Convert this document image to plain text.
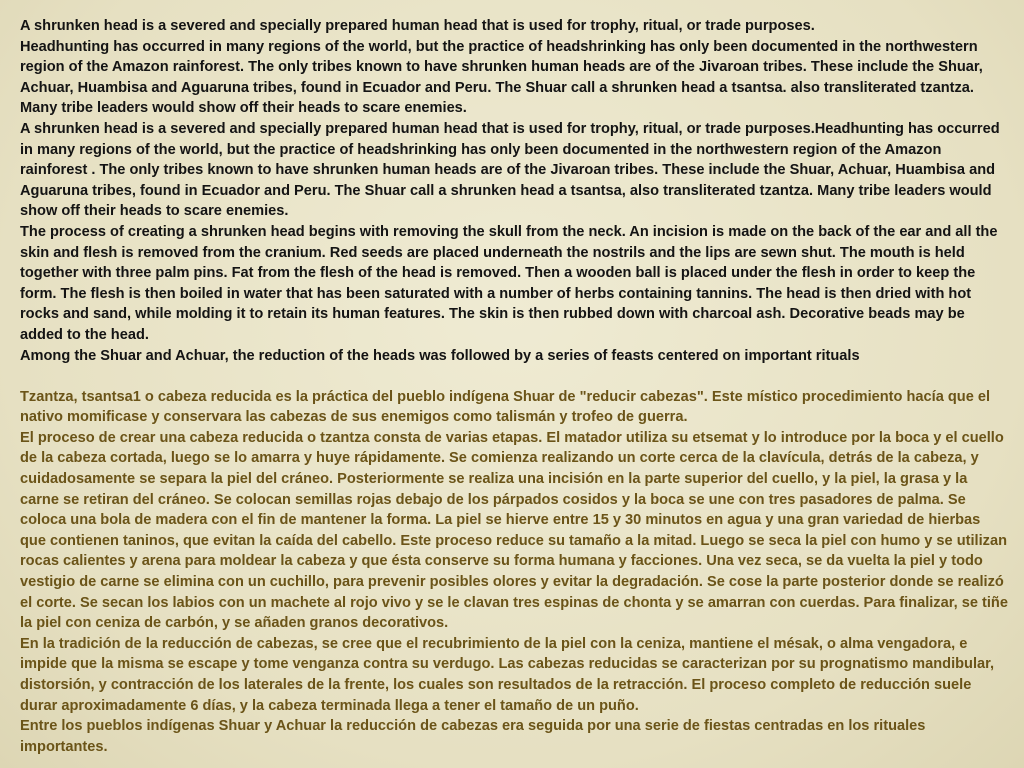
A shrunken head is a severed and specially prepared human head that is used for trophy, ritual, or trade purposes.

Headhunting has occurred in many regions of the world, but the practice of headshrinking has only been documented in the northwestern region of the Amazon rainforest. The only tribes known to have shrunken human heads are of the Jivaroan tribes. These include the Shuar, Achuar, Huambisa and Aguaruna tribes, found in Ecuador and Peru. The Shuar call a shrunken head a tsantsa. also transliterated tzantza. Many tribe leaders would show off their heads to scare enemies.

A shrunken head is a severed and specially prepared human head that is used for trophy, ritual, or trade purposes.Headhunting has occurred in many regions of the world, but the practice of headshrinking has only been documented in the northwestern region of the Amazon rainforest . The only tribes known to have shrunken human heads are of the Jivaroan tribes. These include the Shuar, Achuar, Huambisa and Aguaruna tribes, found in Ecuador and Peru. The Shuar call a shrunken head a tsantsa, also transliterated tzantza. Many tribe leaders would show off their heads to scare enemies.

The process of creating a shrunken head begins with removing the skull from the neck. An incision is made on the back of the ear and all the skin and flesh is removed from the cranium. Red seeds are placed underneath the nostrils and the lips are sewn shut. The mouth is held together with three palm pins. Fat from the flesh of the head is removed. Then a wooden ball is placed under the flesh in order to keep the form. The flesh is then boiled in water that has been saturated with a number of herbs containing tannins. The head is then dried with hot rocks and sand, while molding it to retain its human features. The skin is then rubbed down with charcoal ash. Decorative beads may be added to the head.

Among the Shuar and Achuar, the reduction of the heads was followed by a series of feasts centered on important rituals

Tzantza, tsantsa1 o cabeza reducida es la práctica del pueblo indígena Shuar de "reducir cabezas". Este místico procedimiento hacía que el nativo momificase y conservara las cabezas de sus enemigos como talismán y trofeo de guerra.

El proceso de crear una cabeza reducida o tzantza consta de varias etapas. El matador utiliza su etsemat y lo introduce por la boca y el cuello de la cabeza cortada, luego se lo amarra y huye rápidamente. Se comienza realizando un corte cerca de la clavícula, detrás de la cabeza, y cuidadosamente se separa la piel del cráneo. Posteriormente se realiza una incisión en la parte superior del cuello, y la piel, la grasa y la carne se retiran del cráneo. Se colocan semillas rojas debajo de los párpados cosidos y la boca se une con tres pasadores de palma. Se coloca una bola de madera con el fin de mantener la forma. La piel se hierve entre 15 y 30 minutos en agua y una gran variedad de hierbas que contienen taninos, que evitan la caída del cabello. Este proceso reduce su tamaño a la mitad. Luego se seca la piel con humo y se utilizan rocas calientes y arena para moldear la cabeza y que ésta conserve su forma humana y facciones. Una vez seca, se da vuelta la piel y todo vestigio de carne se elimina con un cuchillo, para prevenir posibles olores y evitar la degradación. Se cose la parte posterior donde se realizó el corte. Se secan los labios con un machete al rojo vivo y se le clavan tres espinas de chonta y se amarran con cuerdas. Para finalizar, se tiñe la piel con ceniza de carbón, y se añaden granos decorativos.

En la tradición de la reducción de cabezas, se cree que el recubrimiento de la piel con la ceniza, mantiene el mésak, o alma vengadora, e impide que la misma se escape y tome venganza contra su verdugo. Las cabezas reducidas se caracterizan por su prognatismo mandibular, distorsión, y contracción de los laterales de la frente, los cuales son resultados de la retracción. El proceso completo de reducción suele durar aproximadamente 6 días, y la cabeza terminada llega a tener el tamaño de un puño.

Entre los pueblos indígenas Shuar y Achuar la reducción de cabezas era seguida por una serie de fiestas centradas en los rituales importantes.
